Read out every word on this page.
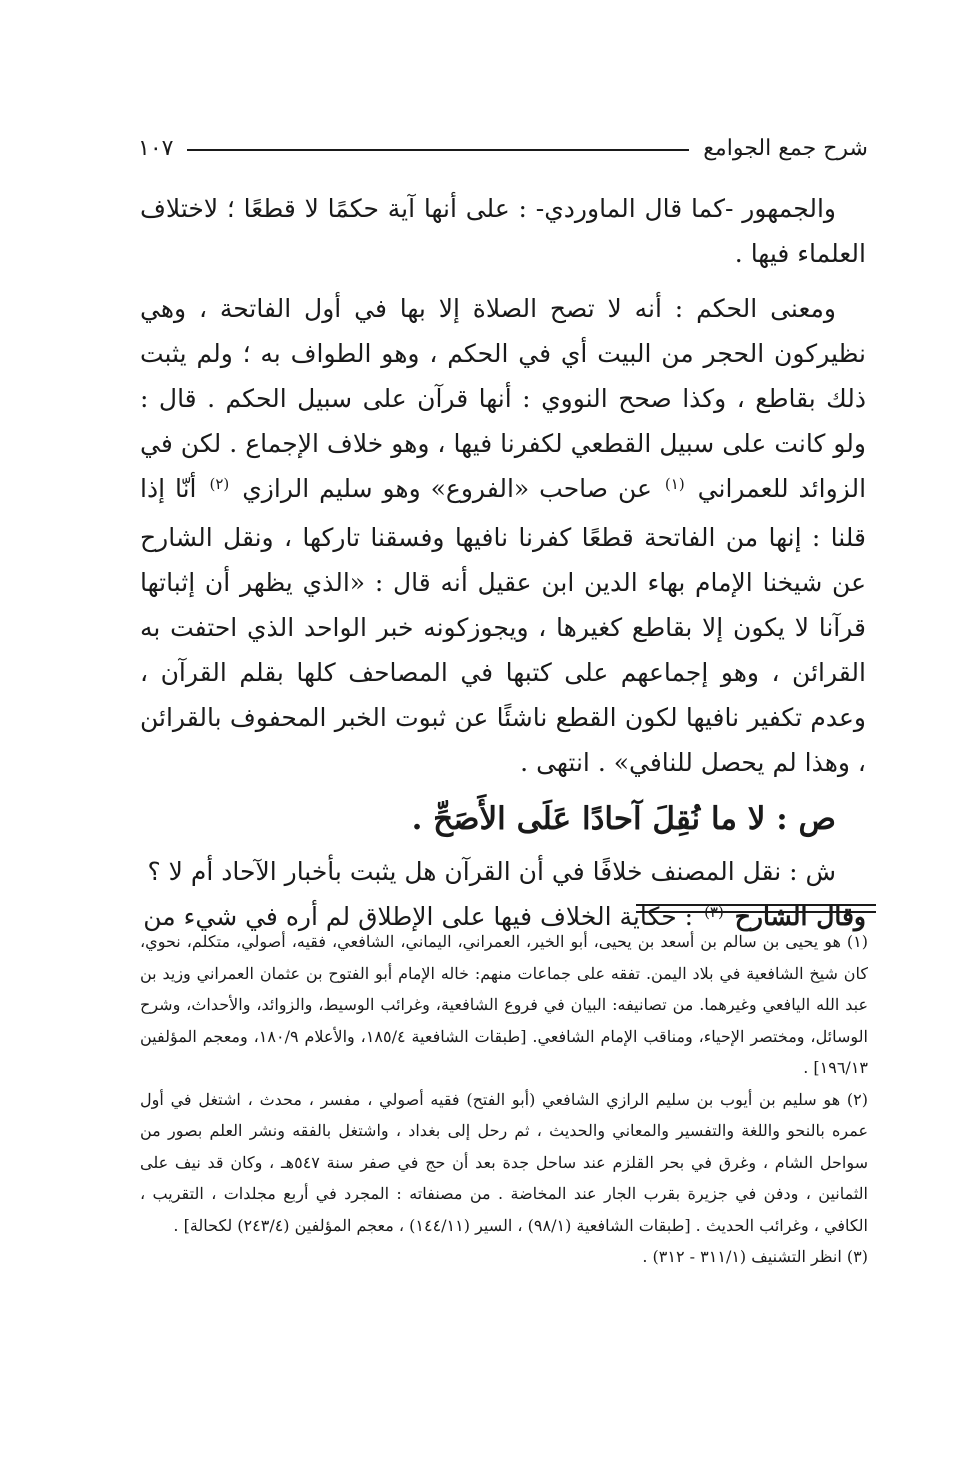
شرح جمع الجوامع
١٠٧

والجمهور -كما قال الماوردي- : على أنها آية حكمًا لا قطعًا ؛ لاختلاف العلماء فيها .

ومعنى الحكم : أنه لا تصح الصلاة إلا بها في أول الفاتحة ، وهي نظيركون الحجر من البيت أي في الحكم ، وهو الطواف به ؛ ولم يثبت ذلك بقاطع ، وكذا صحح النووي : أنها قرآن على سبيل الحكم . قال : ولو كانت على سبيل القطعي لكفرنا فيها ، وهو خلاف الإجماع . لكن في الزوائد للعمراني $^{(١)}$ عن صاحب «الفروع» وهو سليم الرازي $^{(٢)}$ أنّا إذا قلنا : إنها من الفاتحة قطعًا كفرنا نافيها وفسقنا تاركها ، ونقل الشارح عن شيخنا الإمام بهاء الدين ابن عقيل أنه قال : «الذي يظهر أن إثباتها قرآنا لا يكون إلا بقاطع كغيرها ، ويجوزكونه خبر الواحد الذي احتفت به القرائن ، وهو إجماعهم على كتبها في المصاحف كلها بقلم القرآن ، وعدم تكفير نافيها لكون القطع ناشئًا عن ثبوت الخبر المحفوف بالقرائن ، وهذا لم يحصل للنافي» . انتهى .

ص : لا ما نُقِلَ آحادًا عَلَى الأَصَحِّ .

ش : نقل المصنف خلافًا في أن القرآن هل يثبت بأخبار الآحاد أم لا ؟

وقال الشارح $^{(٣)}$ : حكاية الخلاف فيها على الإطلاق لم أره في شيء من

(١) هو يحيى بن سالم بن أسعد بن يحيى، أبو الخير، العمراني، اليماني، الشافعي، فقيه، أصولي، متكلم، نحوي، كان شيخ الشافعية في بلاد اليمن. تفقه على جماعات منهم: خاله الإمام أبو الفتوح بن عثمان العمراني وزيد بن عبد الله اليافعي وغيرهما. من تصانيفه: البيان في فروع الشافعية، وغرائب الوسيط، والزوائد، والأحداث، وشرح الوسائل، ومختصر الإحياء، ومناقب الإمام الشافعي. [طبقات الشافعية ١٨٥/٤، والأعلام ١٨٠/٩، ومعجم المؤلفين ١٩٦/١٣] .

(٢) هو سليم بن أيوب بن سليم الرازي الشافعي (أبو الفتح) فقيه أصولي ، مفسر ، محدث ، اشتغل في أول عمره بالنحو واللغة والتفسير والمعاني والحديث ، ثم رحل إلى بغداد ، واشتغل بالفقه ونشر العلم بصور من سواحل الشام ، وغرق في بحر القلزم عند ساحل جدة بعد أن حج في صفر سنة ٥٤٧هـ ، وكان قد نيف على الثمانين ، ودفن في جزيرة بقرب الجار عند المخاضة . من مصنفاته : المجرد في أربع مجلدات ، التقريب ، الكافي ، وغرائب الحديث . [طبقات الشافعية (٩٨/١) ، السير (١٤٤/١١) ، معجم المؤلفين (٢٤٣/٤) لكحالة] .

(٣) انظر التشنيف (٣١١/١ - ٣١٢) .
